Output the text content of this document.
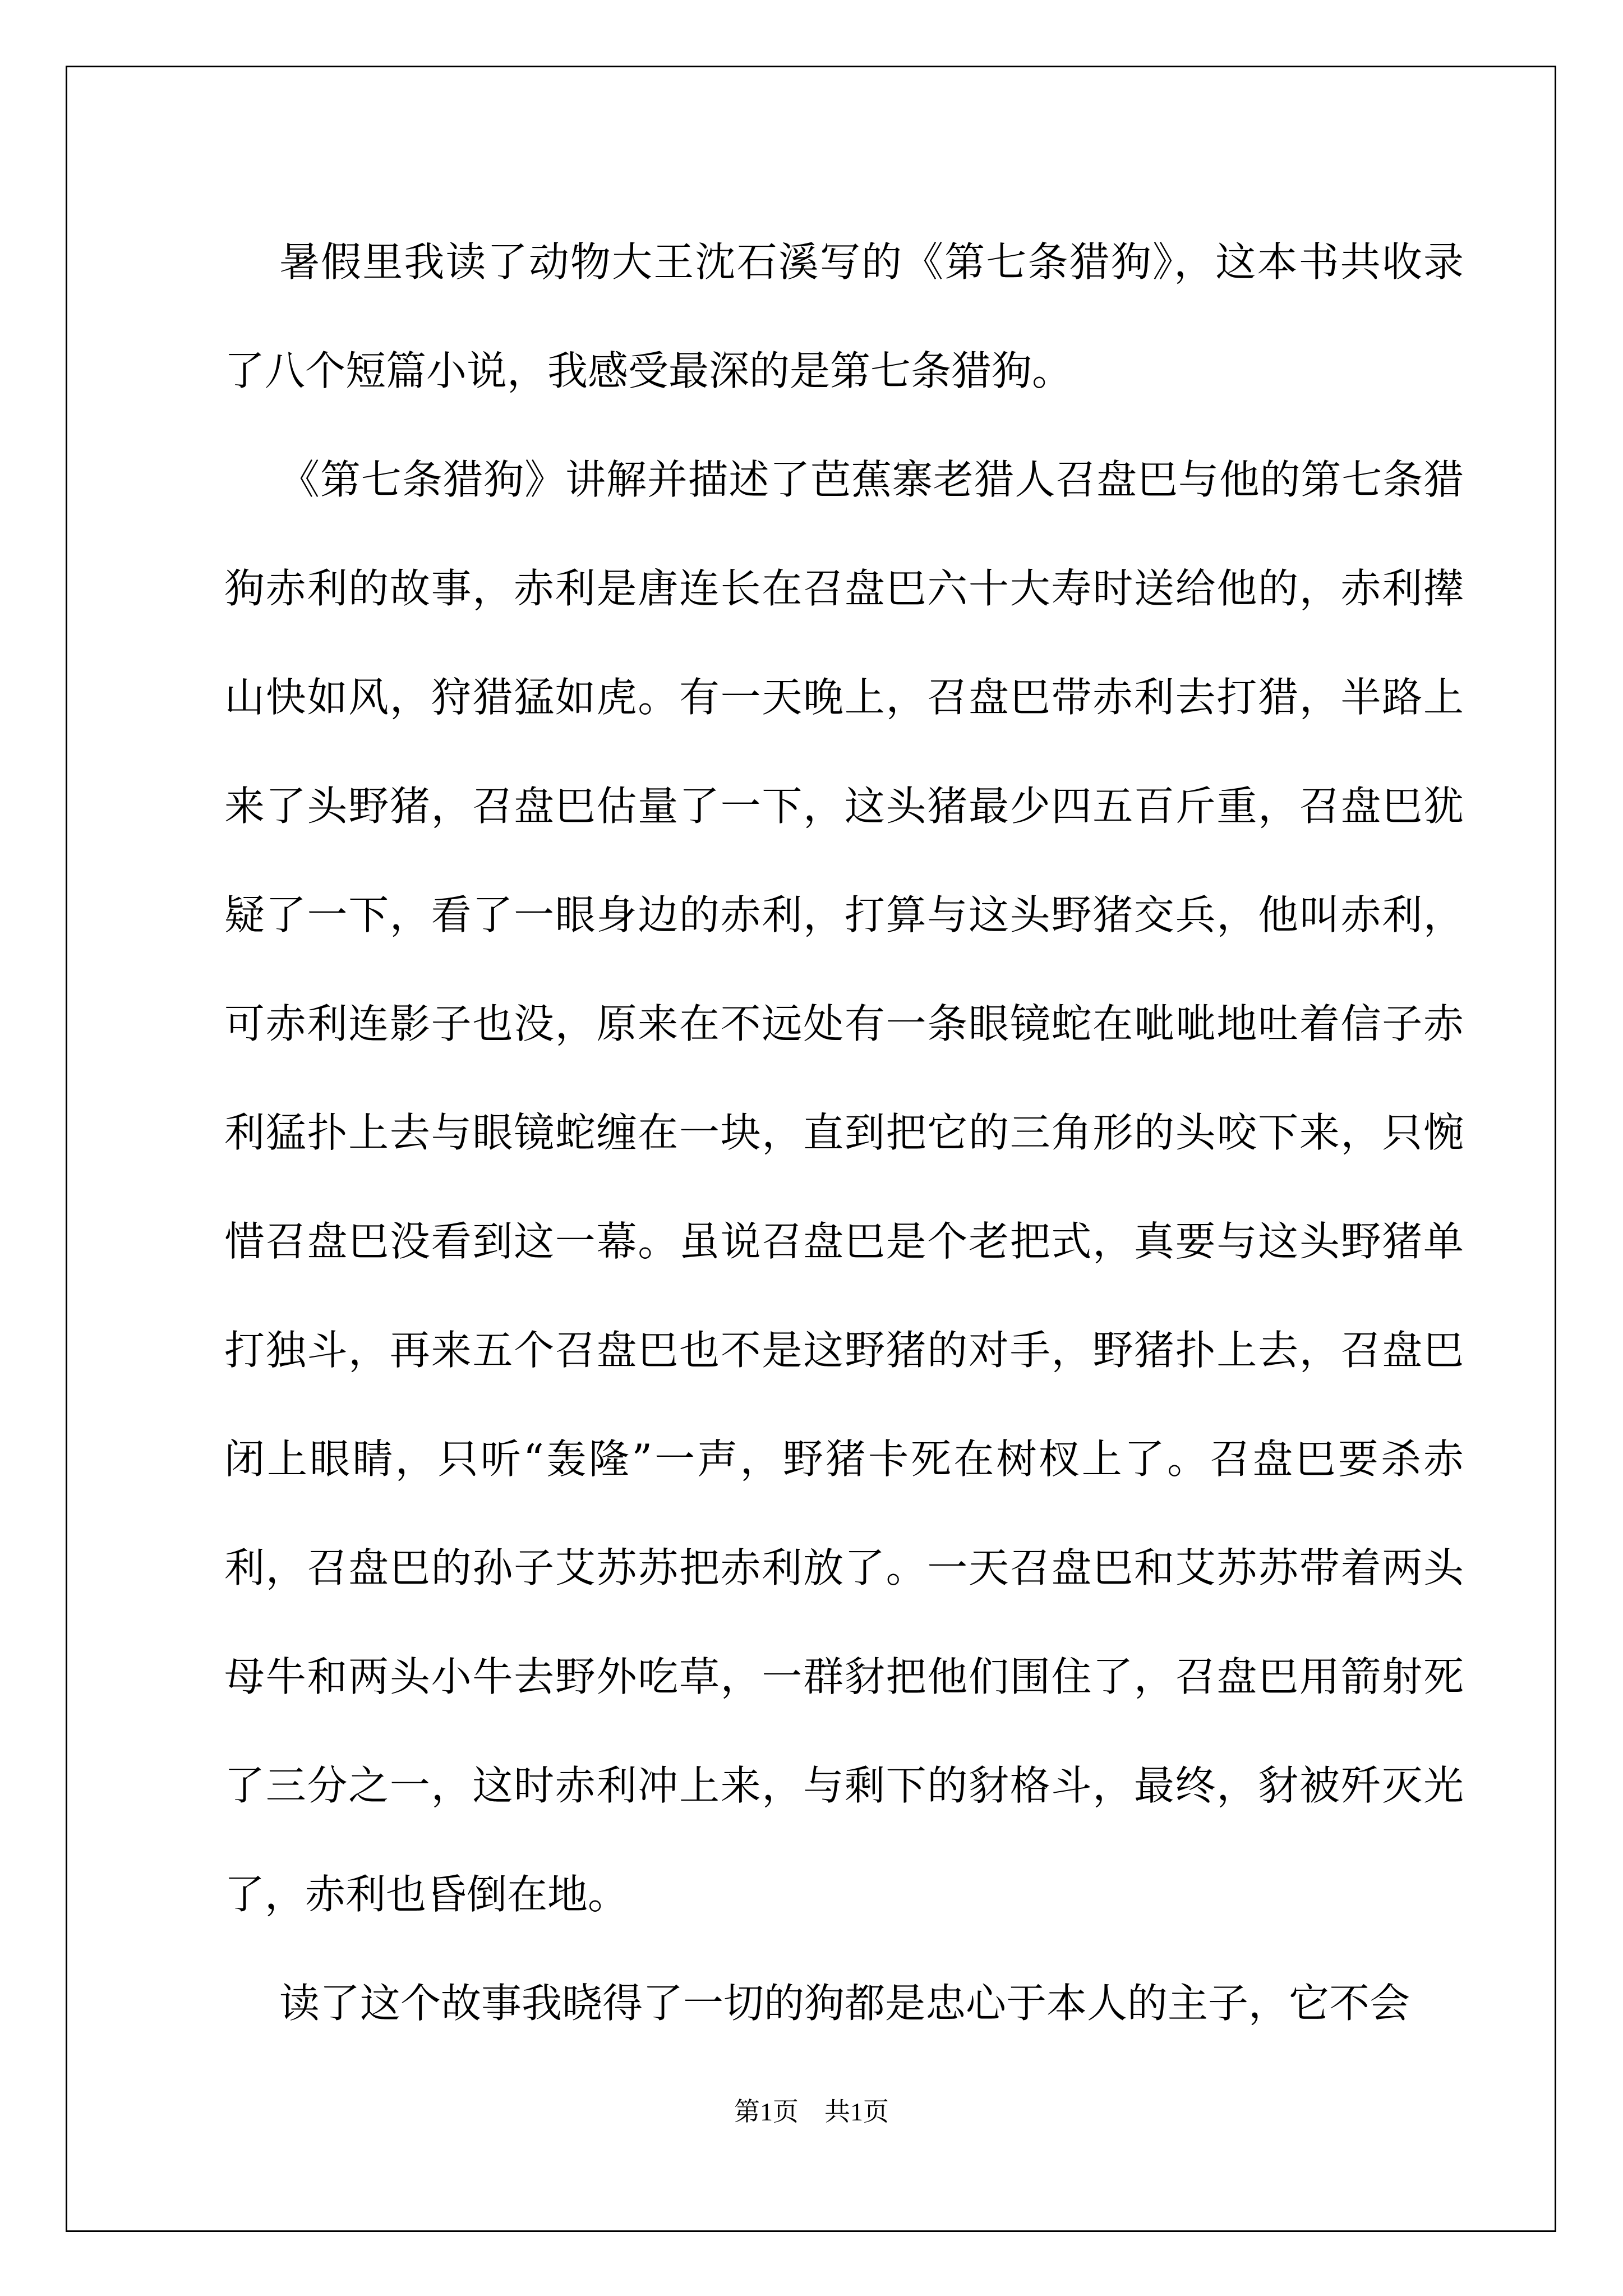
暑假里我读了动物大王沈石溪写的《第七条猎狗》，这本书共收录了八个短篇小说，我感受最深的是第七条猎狗。

《第七条猎狗》讲解并描述了芭蕉寨老猎人召盘巴与他的第七条猎狗赤利的故事，赤利是唐连长在召盘巴六十大寿时送给他的，赤利撵山快如风，狩猎猛如虎。有一天晚上，召盘巴带赤利去打猎，半路上来了头野猪，召盘巴估量了一下，这头猪最少四五百斤重，召盘巴犹疑了一下，看了一眼身边的赤利，打算与这头野猪交兵，他叫赤利，可赤利连影子也没，原来在不远处有一条眼镜蛇在呲呲地吐着信子赤利猛扑上去与眼镜蛇缠在一块，直到把它的三角形的头咬下来，只惋惜召盘巴没看到这一幕。虽说召盘巴是个老把式，真要与这头野猪单打独斗，再来五个召盘巴也不是这野猪的对手，野猪扑上去，召盘巴闭上眼睛，只听“轰隆”一声，野猪卡死在树杈上了。召盘巴要杀赤利，召盘巴的孙子艾苏苏把赤利放了。一天召盘巴和艾苏苏带着两头母牛和两头小牛去野外吃草，一群豺把他们围住了，召盘巴用箭射死了三分之一，这时赤利冲上来，与剩下的豺格斗，最终，豺被歼灭光了，赤利也昏倒在地。

读了这个故事我晓得了一切的狗都是忠心于本人的主子，它不会

第1页　共1页
